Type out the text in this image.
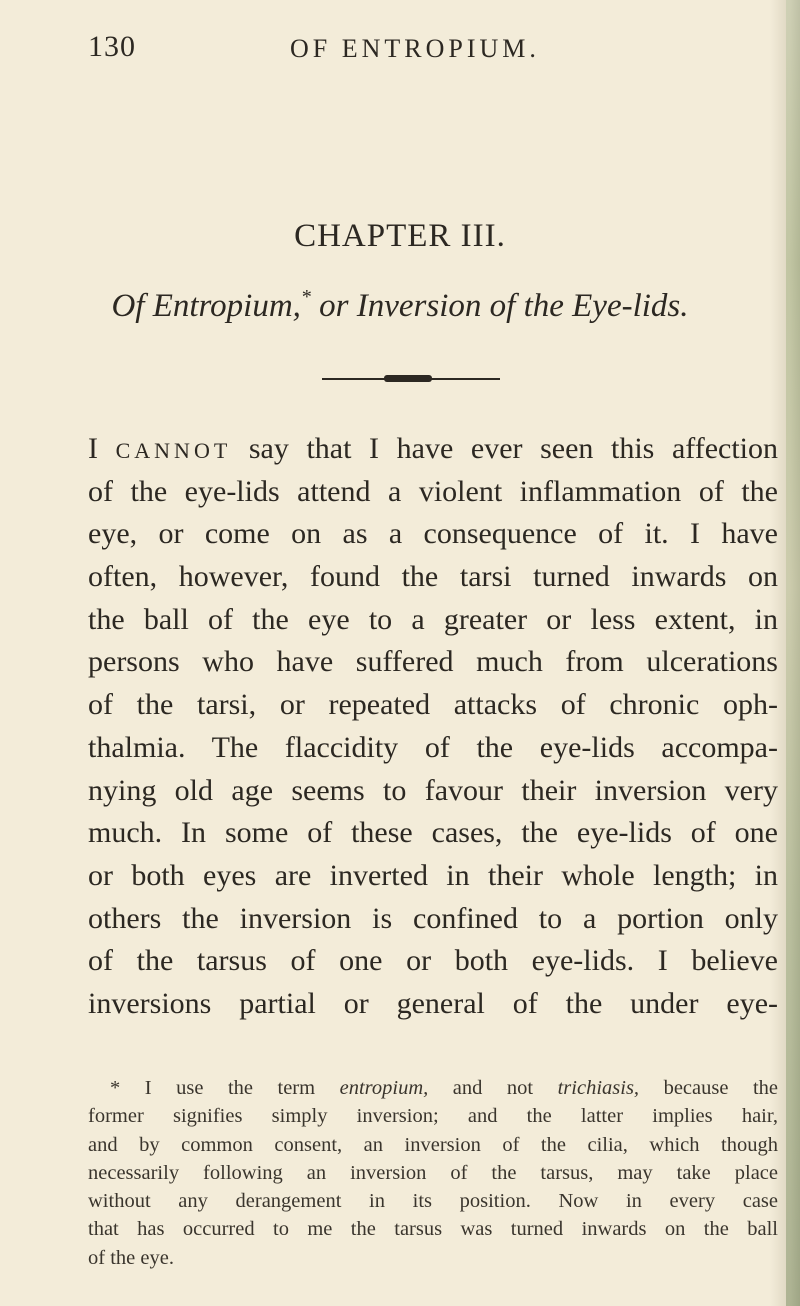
130	OF ENTROPIUM.
CHAPTER III.
Of Entropium,* or Inversion of the Eye-lids.
I CANNOT say that I have ever seen this affection
of the eye-lids attend a violent inflammation of the
eye, or come on as a consequence of it. I have
often, however, found the tarsi turned inwards on
the ball of the eye to a greater or less extent, in
persons who have suffered much from ulcerations
of the tarsi, or repeated attacks of chronic oph-
thalmia. The flaccidity of the eye-lids accompa-
nying old age seems to favour their inversion very
much. In some of these cases, the eye-lids of one
or both eyes are inverted in their whole length; in
others the inversion is confined to a portion only
of the tarsus of one or both eye-lids. I believe
inversions partial or general of the under eye-
* I use the term entropium, and not trichiasis, because the
former signifies simply inversion; and the latter implies hair,
and by common consent, an inversion of the cilia, which though
necessarily following an inversion of the tarsus, may take place
without any derangement in its position. Now in every case
that has occurred to me the tarsus was turned inwards on the ball
of the eye.
